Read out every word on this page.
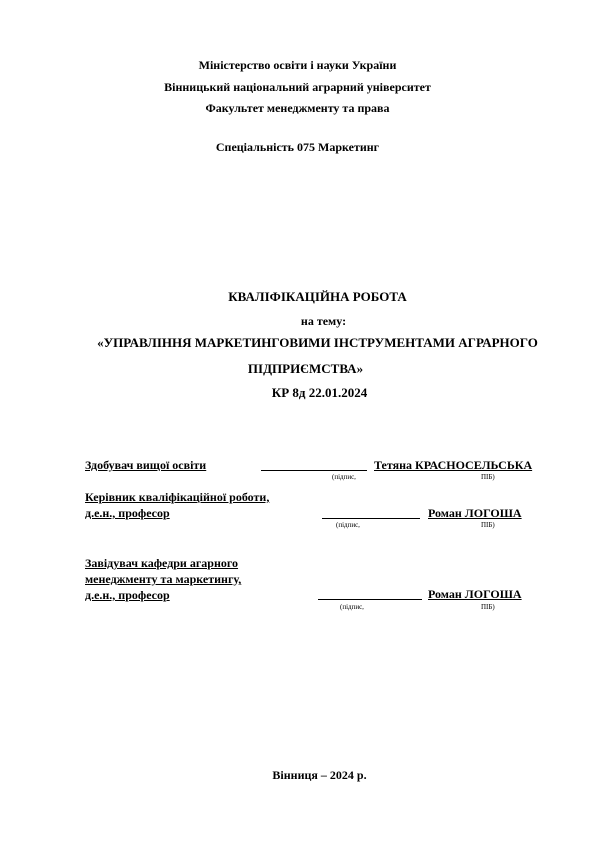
Міністерство освіти і науки України
Вінницький національний аграрний університет
Факультет менеджменту та права
Спеціальність 075 Маркетинг
КВАЛІФІКАЦІЙНА РОБОТА
на тему:
«УПРАВЛІННЯ МАРКЕТИНГОВИМИ ІНСТРУМЕНТАМИ АГРАРНОГО
ПІДПРИЄМСТВА»
КР 8д 22.01.2024
Здобувач вищої освіти	Тетяна КРАСНОСЕЛЬСЬКА
(підпис,	ПІБ)
Керівник кваліфікаційної роботи,
д.е.н., професор	Роман ЛОГОША
(підпис,	ПІБ)
Завідувач кафедри агарного
менеджменту та маркетингу,
д.е.н., професор	Роман ЛОГОША
(підпис,	ПІБ)
Вінниця – 2024 р.
